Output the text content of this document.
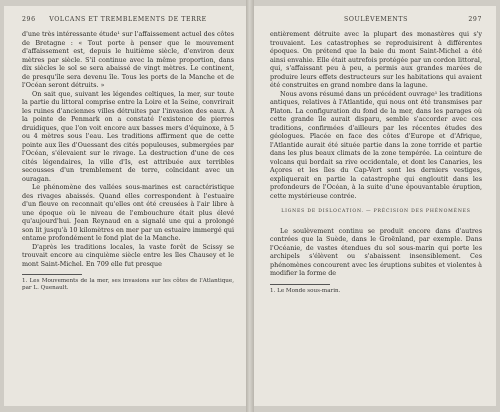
296	VOLCANS ET TREMBLEMENTS DE TERRE

d'une très intéressante étude¹ sur l'affaissement actuel des côtes de Bretagne : « Tout porte à penser que le mouvement d'affaissement est, depuis le huitième siècle, d'environ deux mètres par siècle. S'il continue avec la même proportion, dans dix siècles le sol se sera abaissé de vingt mètres. Le continent, de presqu'île sera devenu île. Tous les ports de la Manche et de l'Océan seront détruits. »

On sait que, suivant les légendes celtiques, la mer, sur toute la partie du littoral comprise entre la Loire et la Seine, convrirait les ruines d'anciennes villes détruites par l'invasion des eaux. À la pointe de Penmark on a constaté l'existence de pierres druidiques, que l'on voit encore aux basses mers d'équinoxe, à 5 ou 4 mètres sous l'eau. Les traditions affirment que de cette pointe aux îles d'Ouessant des cités populeuses, submergées par l'Océan, s'élevaient sur le rivage. La destruction d'une de ces cités légendaires, la ville d'Is, est attribuée aux terribles secousses d'un tremblement de terre, coïncidant avec un ouragan.

Le phénomène des vallées sous-marines est caractéristique des rivages abaissés. Quand elles correspondent à l'estuaire d'un fleuve on reconnait qu'elles ont été creusées à l'air libre à une époque où le niveau de l'embouchure était plus élevé qu'aujourd'hui. Jean Reynaud en a signalé une qui a prolongé son lit jusqu'à 10 kilomètres en mer par un estuaire immergé qui entame profondément le fond plat de la Manche.

D'après les traditions locales, la vaste forêt de Scissy se trouvait encore au cinquième siècle entre les îles Chausey et le mont Saint-Michel. En 709 elle fut presque

1. Les Mouvements de la mer, ses invasions sur les côtes de l'Atlantique, par L. Quenault.
SOULÈVEMENTS	297

entièrement détruite avec la plupart des monastères qui s'y trouvaient. Les catastrophes se reproduisirent à différentes époques. On prétend que la baie du mont Saint-Michel a été ainsi envahie. Elle était autrefois protégée par un cordon littoral, qui, s'affaissant peu à peu, a permis aux grandes marées de produire leurs effets destructeurs sur les habitations qui avaient été construites en grand nombre dans la lagune.

Nous avons résumé dans un précédent ouvrage¹ les traditions antiques, relatives à l'Atlantide, qui nous ont été transmises par Platon. La configuration du fond de la mer, dans les parages où cette grande île aurait disparu, semble s'accorder avec ces traditions, confirmées d'ailleurs par les récentes études des géologues. Placée en face des côtes d'Europe et d'Afrique, l'Atlantide aurait été située partie dans la zone torride et partie dans les plus beaux climats de la zone tempérée. La ceinture de volcans qui bordait sa rive occidentale, et dont les Canaries, les Açores et les îles du Cap-Vert sont les derniers vestiges, expliquerait en partie la catastrophe qui engloutit dans les profondeurs de l'Océan, à la suite d'une épouvantable éruption, cette mystérieuse contrée.

LIGNES DE DISLOCATION. — PRÉCISION DES PHÉNOMÈNES

Le soulèvement continu se produit encore dans d'autres contrées que la Suède, dans le Groënland, par exemple. Dans l'Océanie, de vastes étendues du sol sous-marin qui porte les archipels s'élèvent ou s'abaissent insensiblement. Ces phénomènes concourent avec les éruptions subites et violentes à modifier la forme de

1. Le Monde sous-marin.
